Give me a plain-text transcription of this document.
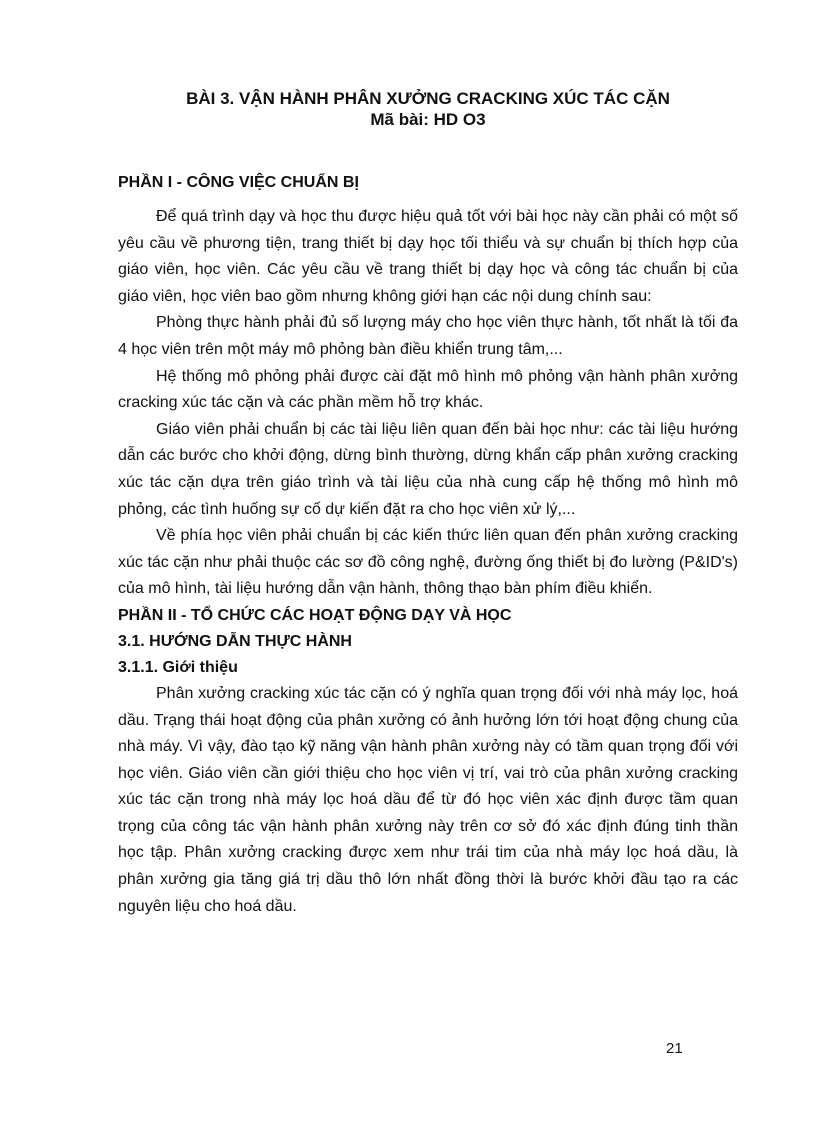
BÀI 3. VẬN HÀNH PHÂN XƯỞNG CRACKING XÚC TÁC CẶN
Mã bài: HD O3
PHẦN I - CÔNG VIỆC CHUẨN BỊ

Để quá trình dạy và học thu được hiệu quả tốt với bài học này cần phải có một số yêu cầu về phương tiện, trang thiết bị dạy học tối thiểu và sự chuẩn bị thích hợp của giáo viên, học viên. Các yêu cầu về trang thiết bị dạy học và công tác chuẩn bị của giáo viên, học viên bao gồm nhưng không giới hạn các nội dung chính sau:

Phòng thực hành phải đủ số lượng máy cho học viên thực hành, tốt nhất là tối đa 4 học viên trên một máy mô phỏng bàn điều khiển trung tâm,...

Hệ thống mô phỏng phải được cài đặt mô hình mô phỏng vận hành phân xưởng cracking xúc tác cặn và các phần mềm hỗ trợ khác.

Giáo viên phải chuẩn bị các tài liệu liên quan đến bài học như: các tài liệu hướng dẫn các bước cho khởi động, dừng bình thường, dừng khẩn cấp phân xưởng cracking xúc tác cặn dựa trên giáo trình và tài liệu của nhà cung cấp hệ thống mô hình mô phỏng, các tình huống sự cố dự kiến đặt ra cho học viên xử lý,...

Về phía học viên phải chuẩn bị các kiến thức liên quan đến phân xưởng cracking xúc tác cặn như phải thuộc các sơ đồ công nghệ, đường ống thiết bị đo lường (P&ID's) của mô hình, tài liệu hướng dẫn vận hành, thông thạo bàn phím điều khiển.

PHẦN II - TỔ CHỨC CÁC HOẠT ĐỘNG DẠY VÀ HỌC
3.1. HƯỚNG DẪN THỰC HÀNH
3.1.1. Giới thiệu

Phân xưởng cracking xúc tác cặn có ý nghĩa quan trọng đối với nhà máy lọc, hoá dầu. Trạng thái hoạt động của phân xưởng có ảnh hưởng lớn tới hoạt động chung của nhà máy. Vì vậy, đào tạo kỹ năng vận hành phân xưởng này có tầm quan trọng đối với học viên. Giáo viên cần giới thiệu cho học viên vị trí, vai trò của phân xưởng cracking xúc tác cặn trong nhà máy lọc hoá dầu để từ đó học viên xác định được tầm quan trọng của công tác vận hành phân xưởng này trên cơ sở đó xác định đúng tinh thần học tập. Phân xưởng cracking được xem như trái tim của nhà máy lọc hoá dầu, là phân xưởng gia tăng giá trị dầu thô lớn nhất đồng thời là bước khởi đầu tạo ra các nguyên liệu cho hoá dầu.

21
